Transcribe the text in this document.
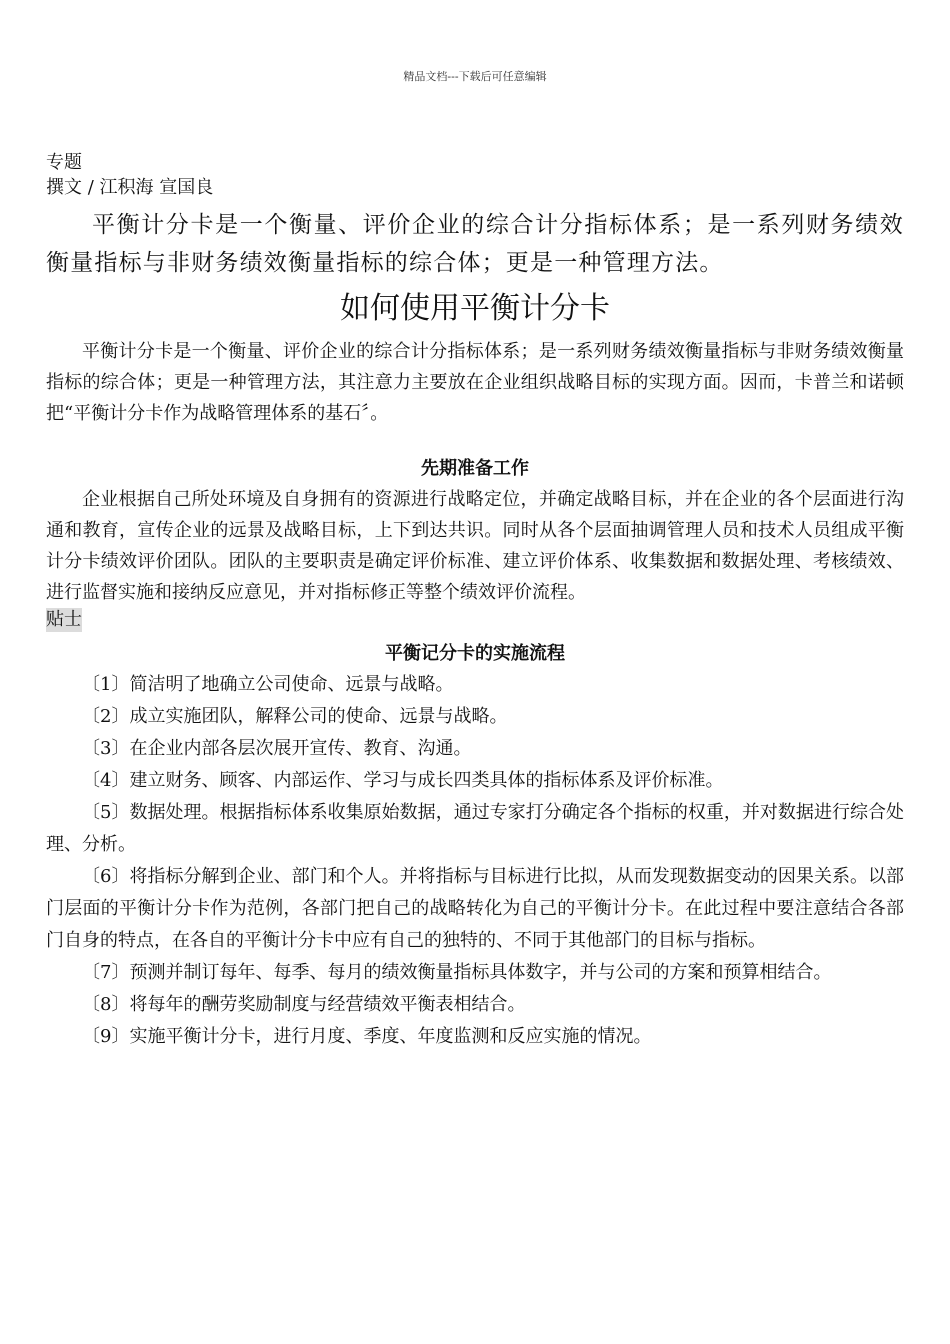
精品文档---下载后可任意编辑
专题
撰文 / 江积海 宣国良

平衡计分卡是一个衡量、评价企业的综合计分指标体系；是一系列财务绩效衡量指标与非财务绩效衡量指标的综合体；更是一种管理方法。

如何使用平衡计分卡

平衡计分卡是一个衡量、评价企业的综合计分指标体系；是一系列财务绩效衡量指标与非财务绩效衡量指标的综合体；更是一种管理方法，其注意力主要放在企业组织战略目标的实现方面。因而，卡普兰和诺顿把“平衡计分卡作为战略管理体系的基石〞。

先期准备工作

企业根据自己所处环境及自身拥有的资源进行战略定位，并确定战略目标，并在企业的各个层面进行沟通和教育，宣传企业的远景及战略目标，上下到达共识。同时从各个层面抽调管理人员和技术人员组成平衡计分卡绩效评价团队。团队的主要职责是确定评价标准、建立评价体系、收集数据和数据处理、考核绩效、进行监督实施和接纳反应意见，并对指标修正等整个绩效评价流程。

贴士
平衡记分卡的实施流程

〔1〕简洁明了地确立公司使命、远景与战略。

〔2〕成立实施团队，解释公司的使命、远景与战略。

〔3〕在企业内部各层次展开宣传、教育、沟通。

〔4〕建立财务、顾客、内部运作、学习与成长四类具体的指标体系及评价标准。

〔5〕数据处理。根据指标体系收集原始数据，通过专家打分确定各个指标的权重，并对数据进行综合处理、分析。

〔6〕将指标分解到企业、部门和个人。并将指标与目标进行比拟，从而发现数据变动的因果关系。以部门层面的平衡计分卡作为范例，各部门把自己的战略转化为自己的平衡计分卡。在此过程中要注意结合各部门自身的特点，在各自的平衡计分卡中应有自己的独特的、不同于其他部门的目标与指标。

〔7〕预测并制订每年、每季、每月的绩效衡量指标具体数字，并与公司的方案和预算相结合。

〔8〕将每年的酬劳奖励制度与经营绩效平衡表相结合。

〔9〕实施平衡计分卡，进行月度、季度、年度监测和反应实施的情况。
